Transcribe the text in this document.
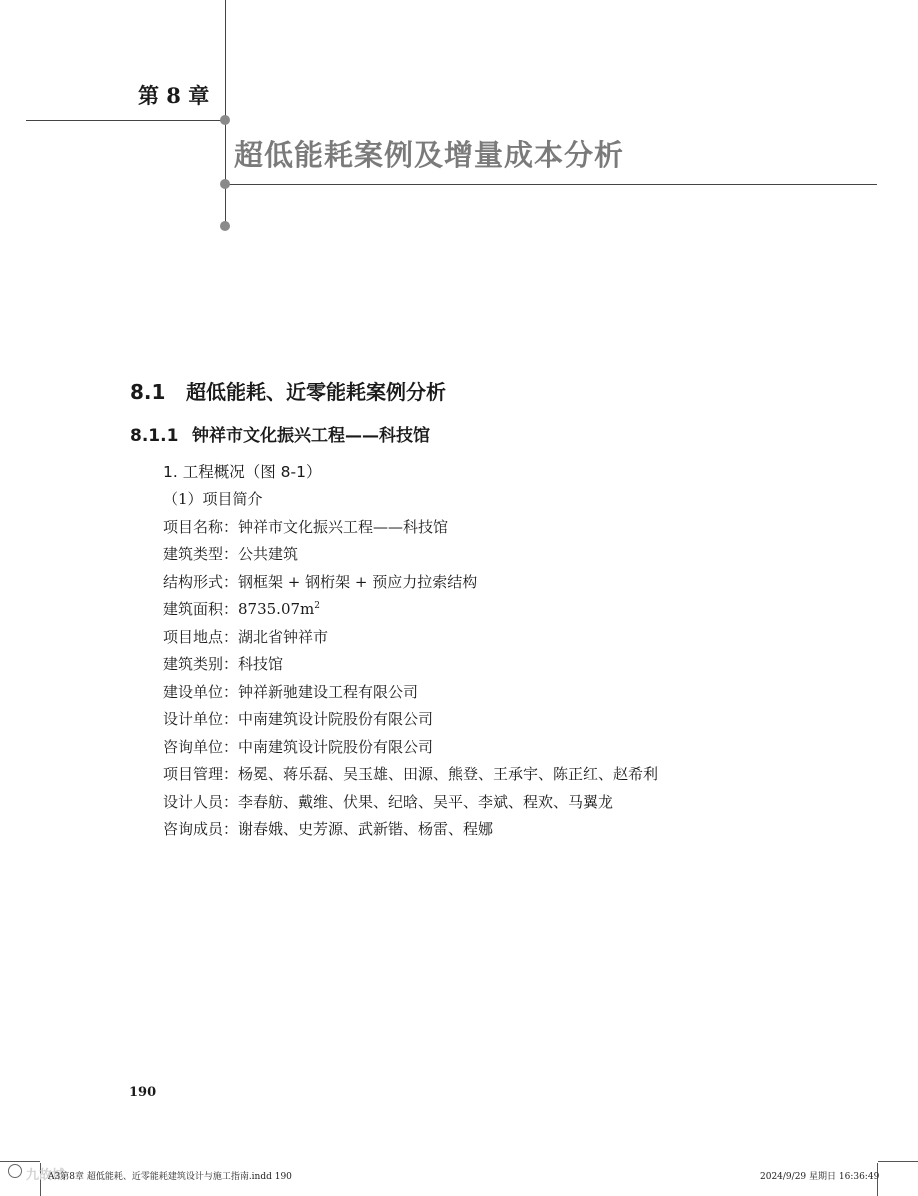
第 8 章
超低能耗案例及增量成本分析
8.1 超低能耗、近零能耗案例分析
8.1.1 钟祥市文化振兴工程——科技馆
1. 工程概况（图 8-1）
（1）项目简介
项目名称：钟祥市文化振兴工程——科技馆
建筑类型：公共建筑
结构形式：钢框架 + 钢桁架 + 预应力拉索结构
建筑面积：$8735.07m^2$
项目地点：湖北省钟祥市
建筑类别：科技馆
建设单位：钟祥新驰建设工程有限公司
设计单位：中南建筑设计院股份有限公司
咨询单位：中南建筑设计院股份有限公司
项目管理：杨冕、蒋乐磊、吴玉雄、田源、熊登、王承宇、陈正红、赵希利
设计人员：李春舫、戴维、伏果、纪晗、吴平、李斌、程欢、马翼龙
咨询成员：谢春娥、史芳源、武新锴、杨雷、程娜
190
九故城
A3第8章 超低能耗、近零能耗建筑设计与施工指南.indd 190	2024/9/29 星期日 16:36:49
